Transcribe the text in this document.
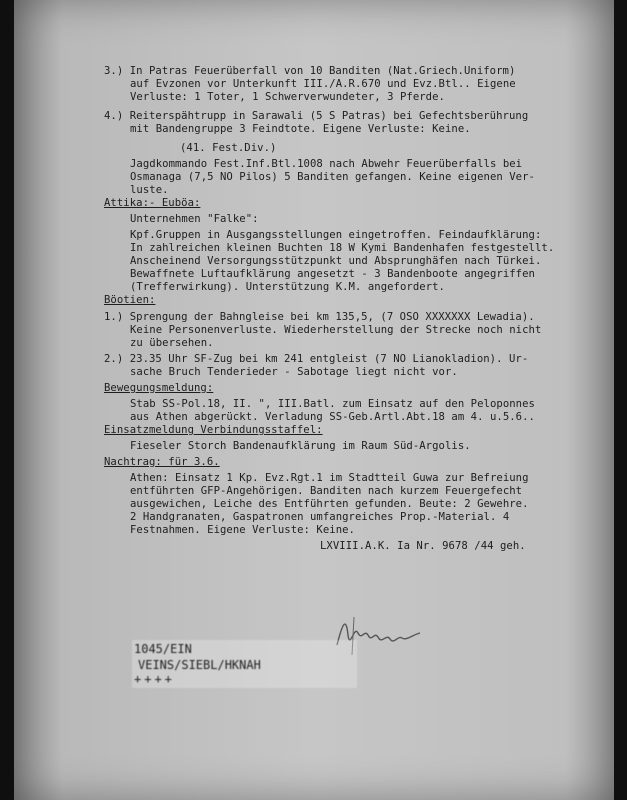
3.) In Patras Feuerüberfall von 10 Banditen (Nat.Griech.Uniform)
auf Evzonen vor Unterkunft III./A.R.670 und Evz.Btl.. Eigene
Verluste: 1 Toter, 1 Schwerverwundeter, 3 Pferde.
4.) Reiterspähtrupp in Sarawali (5 S Patras) bei Gefechtsberührung
mit Bandengruppe 3 Feindtote. Eigene Verluste: Keine.
(41. Fest.Div.)
Jagdkommando Fest.Inf.Btl.1008 nach Abwehr Feuerüberfalls bei
Osmanaga (7,5 NO Pilos) 5 Banditen gefangen. Keine eigenen Ver-
luste.
Attika:- Euböa:
Unternehmen "Falke":
Kpf.Gruppen in Ausgangsstellungen eingetroffen. Feindaufklärung:
In zahlreichen kleinen Buchten 18 W Kymi Bandenhafen festgestellt.
Anscheinend Versorgungsstützpunkt und Absprunghäfen nach Türkei.
Bewaffnete Luftaufklärung angesetzt - 3 Bandenboote angegriffen
(Trefferwirkung). Unterstützung K.M. angefordert.
Böotien:
1.) Sprengung der Bahngleise bei km 135,5, (7 OSO XXXXXXX Lewadia).
Keine Personenverluste. Wiederherstellung der Strecke noch nicht
zu übersehen.
2.) 23.35 Uhr SF-Zug bei km 241 entgleist (7 NO Lianokladion). Ur-
sache Bruch Tenderieder - Sabotage liegt nicht vor.
Bewegungsmeldung:
Stab SS-Pol.18, II. ", III.Batl. zum Einsatz auf den Peloponnes
aus Athen abgerückt. Verladung SS-Geb.Artl.Abt.18 am 4. u.5.6..
Einsatzmeldung Verbindungsstaffel:
Fieseler Storch Bandenaufklärung im Raum Süd-Argolis.
Nachtrag: für 3.6.
Athen: Einsatz 1 Kp. Evz.Rgt.1 im Stadtteil Guwa zur Befreiung
entführten GFP-Angehörigen. Banditen nach kurzem Feuergefecht
ausgewichen, Leiche des Entführten gefunden. Beute: 2 Gewehre.
2 Handgranaten, Gaspatronen umfangreiches Prop.-Material. 4
Festnahmen. Eigene Verluste: Keine.
LXVIII.A.K. Ia Nr. 9678 /44 geh.
1045/EIN
VEINS/SIEBL/HKNAH
++++
